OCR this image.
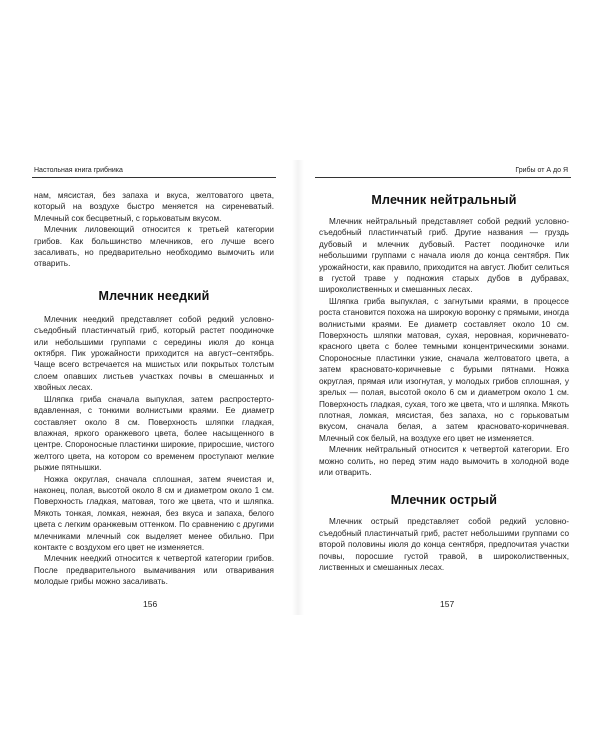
Настольная книга грибника	Грибы от А до Я

нам, мясистая, без запаха и вкуса, желтоватого цвета, который на воздухе быстро меняется на сиреневатый. Млечный сок бесцветный, с горьковатым вкусом.

Млечник лиловеющий относится к третьей категории грибов. Как большинство млечников, его лучше всего засаливать, но предварительно необходимо вымочить или отварить.

Млечник неедкий

Млечник неедкий представляет собой редкий условно-съедобный пластинчатый гриб, который растет поодиночке или небольшими группами с середины июля до конца октября. Пик урожайности приходится на август–сентябрь. Чаще всего встречается на мшистых или покрытых толстым слоем опавших листьев участках почвы в смешанных и хвойных лесах.

Шляпка гриба сначала выпуклая, затем распростерто-вдавленная, с тонкими волнистыми краями. Ее диаметр составляет около 8 см. Поверхность шляпки гладкая, влажная, яркого оранжевого цвета, более насыщенного в центре. Спороносные пластинки широкие, приросшие, чистого желтого цвета, на котором со временем проступают мелкие рыжие пятнышки.

Ножка округлая, сначала сплошная, затем ячеистая и, наконец, полая, высотой около 8 см и диаметром около 1 см. Поверхность гладкая, матовая, того же цвета, что и шляпка. Мякоть тонкая, ломкая, нежная, без вкуса и запаха, белого цвета с легким оранжевым оттенком. По сравнению с другими млечниками млечный сок выделяет менее обильно. При контакте с воздухом его цвет не изменяется.

Млечник неедкий относится к четвертой категории грибов. После предварительного вымачивания или отваривания молодые грибы можно засаливать.

Млечник нейтральный

Млечник нейтральный представляет собой редкий условно-съедобный пластинчатый гриб. Другие названия — груздь дубовый и млечник дубовый. Растет поодиночке или небольшими группами с начала июля до конца сентября. Пик урожайности, как правило, приходится на август. Любит селиться в густой траве у подножия старых дубов в дубравах, широколиственных и смешанных лесах.

Шляпка гриба выпуклая, с загнутыми краями, в процессе роста становится похожа на широкую воронку с прямыми, иногда волнистыми краями. Ее диаметр составляет около 10 см. Поверхность шляпки матовая, сухая, неровная, коричневато-красного цвета с более темными концентрическими зонами. Спороносные пластинки узкие, сначала желтоватого цвета, а затем красновато-коричневые с бурыми пятнами. Ножка округлая, прямая или изогнутая, у молодых грибов сплошная, у зрелых — полая, высотой около 6 см и диаметром около 1 см. Поверхность гладкая, сухая, того же цвета, что и шляпка. Мякоть плотная, ломкая, мясистая, без запаха, но с горьковатым вкусом, сначала белая, а затем красновато-коричневая. Млечный сок белый, на воздухе его цвет не изменяется.

Млечник нейтральный относится к четвертой категории. Его можно солить, но перед этим надо вымочить в холодной воде или отварить.

Млечник острый

Млечник острый представляет собой редкий условно-съедобный пластинчатый гриб, растет небольшими группами со второй половины июля до конца сентября, предпочитая участки почвы, поросшие густой травой, в широколиственных, лиственных и смешанных лесах.

156	157
